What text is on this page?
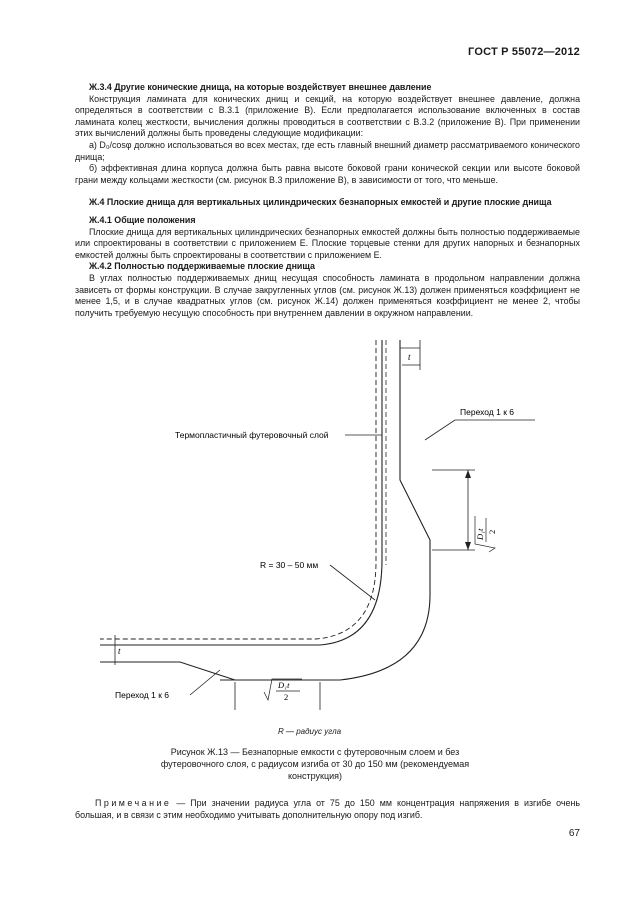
ГОСТ Р 55072—2012

Ж.3.4 Другие конические днища, на которые воздействует внешнее давление

Конструкция ламината для конических днищ и секций, на которую воздействует внешнее давление, должна определяться в соответствии с В.3.1 (приложение В). Если предполагается использование включенных в состав ламината колец жесткости, вычисления должны проводиться в соответствии с В.3.2 (приложение В). При применении этих вычислений должны быть проведены следующие модификации:

а) D₀/cosφ должно использоваться во всех местах, где есть главный внешний диаметр рассматриваемого конического днища;

б) эффективная длина корпуса должна быть равна высоте боковой грани конической секции или высоте боковой грани между кольцами жесткости (см. рисунок В.3 приложение В), в зависимости от того, что меньше.

Ж.4 Плоские днища для вертикальных цилиндрических безнапорных емкостей и другие плоские днища

Ж.4.1 Общие положения

Плоские днища для вертикальных цилиндрических безнапорных емкостей должны быть полностью поддерживаемые или спроектированы в соответствии с приложением Е. Плоские торцевые стенки для других напорных и безнапорных емкостей должны быть спроектированы в соответствии с приложением Е.

Ж.4.2 Полностью поддерживаемые плоские днища

В углах полностью поддерживаемых днищ несущая способность ламината в продольном направлении должна зависеть от формы конструкции. В случае закругленных углов (см. рисунок Ж.13) должен применяться коэффициент не менее 1,5, и в случае квадратных углов (см. рисунок Ж.14) должен применяться коэффициент не менее 2, чтобы получить требуемую несущую способность при внутреннем давлении в окружном направлении.

t
t
Переход 1 к 6
Термопластичный футеровочный слой
R = 30 – 50 мм
Переход 1 к 6
D₁t 2
D₁t
2
R — радиус угла
Рисунок Ж.13 — Безнапорные емкости с футеровочным слоем и без футеровочного слоя, с радиусом изгиба от 30 до 150 мм (рекомендуемая конструкция)
Примечание — При значении радиуса угла от 75 до 150 мм концентрация напряжения в изгибе очень большая, и в связи с этим необходимо учитывать дополнительную опору под изгиб.
67
